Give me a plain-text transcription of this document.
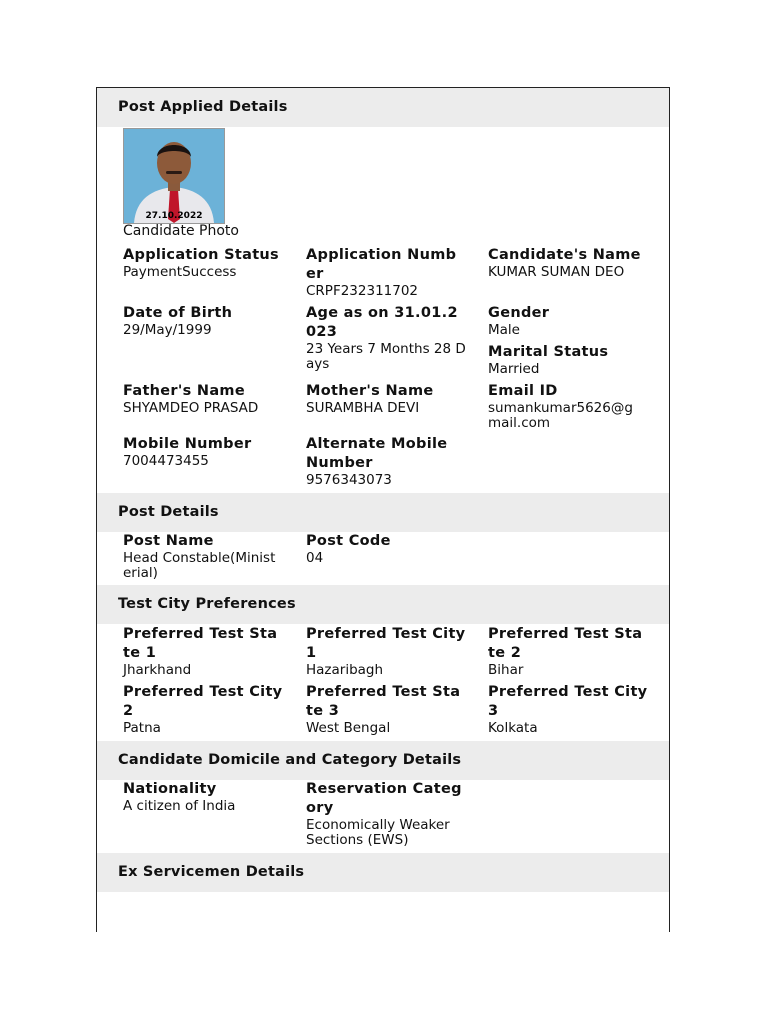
Post Applied Details
27.10.2022
Candidate Photo
Application Status
PaymentSuccess
Application Number
CRPF232311702
Candidate's Name
KUMAR SUMAN DEO
Date of Birth
29/May/1999
Age as on 31.01.2023
23 Years 7 Months 28 Days
Gender
Male
Marital Status
Married
Father's Name
SHYAMDEO PRASAD
Mother's Name
SURAMBHA DEVI
Email ID
sumankumar5626@gmail.com
Mobile Number
7004473455
Alternate Mobile Number
9576343073
Post Details
Post Name
Head Constable(Ministerial)
Post Code
04
Test City Preferences
Preferred Test State 1
Jharkhand
Preferred Test City 1
Hazaribagh
Preferred Test State 2
Bihar
Preferred Test City 2
Patna
Preferred Test State 3
West Bengal
Preferred Test City 3
Kolkata
Candidate Domicile and Category Details
Nationality
A citizen of India
Reservation Category
Economically Weaker Sections (EWS)
Ex Servicemen Details
